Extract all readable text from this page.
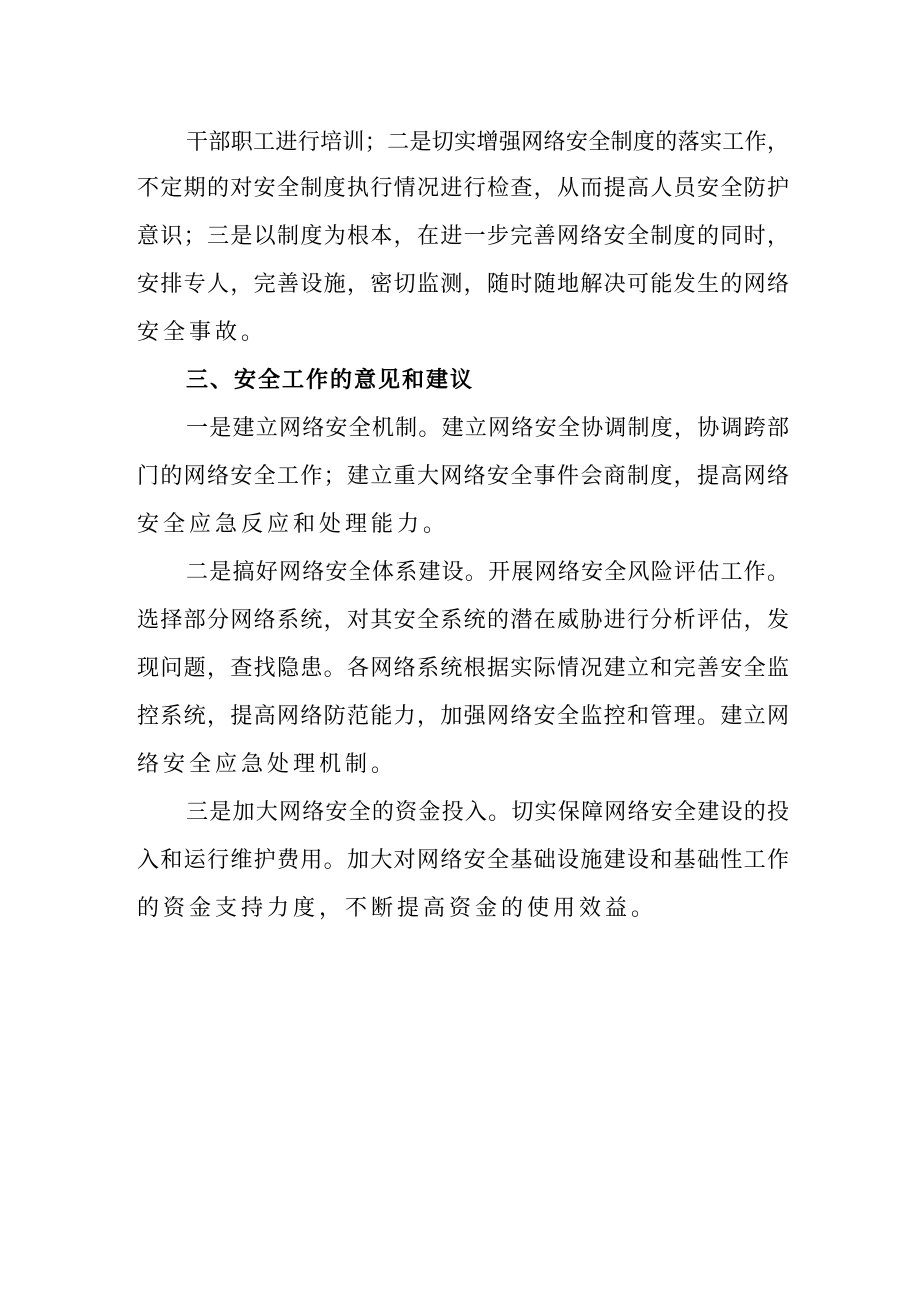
干部职工进行培训；二是切实增强网络安全制度的落实工作，

不定期的对安全制度执行情况进行检查，从而提高人员安全防护

意识；三是以制度为根本，在进一步完善网络安全制度的同时，

安排专人，完善设施，密切监测，随时随地解决可能发生的网络

安全事故。

三、安全工作的意见和建议

一是建立网络安全机制。建立网络安全协调制度，协调跨部

门的网络安全工作；建立重大网络安全事件会商制度，提高网络

安全应急反应和处理能力。

二是搞好网络安全体系建设。开展网络安全风险评估工作。

选择部分网络系统，对其安全系统的潜在威胁进行分析评估，发

现问题，查找隐患。各网络系统根据实际情况建立和完善安全监

控系统，提高网络防范能力，加强网络安全监控和管理。建立网

络安全应急处理机制。

三是加大网络安全的资金投入。切实保障网络安全建设的投

入和运行维护费用。加大对网络安全基础设施建设和基础性工作

的资金支持力度，不断提高资金的使用效益。
